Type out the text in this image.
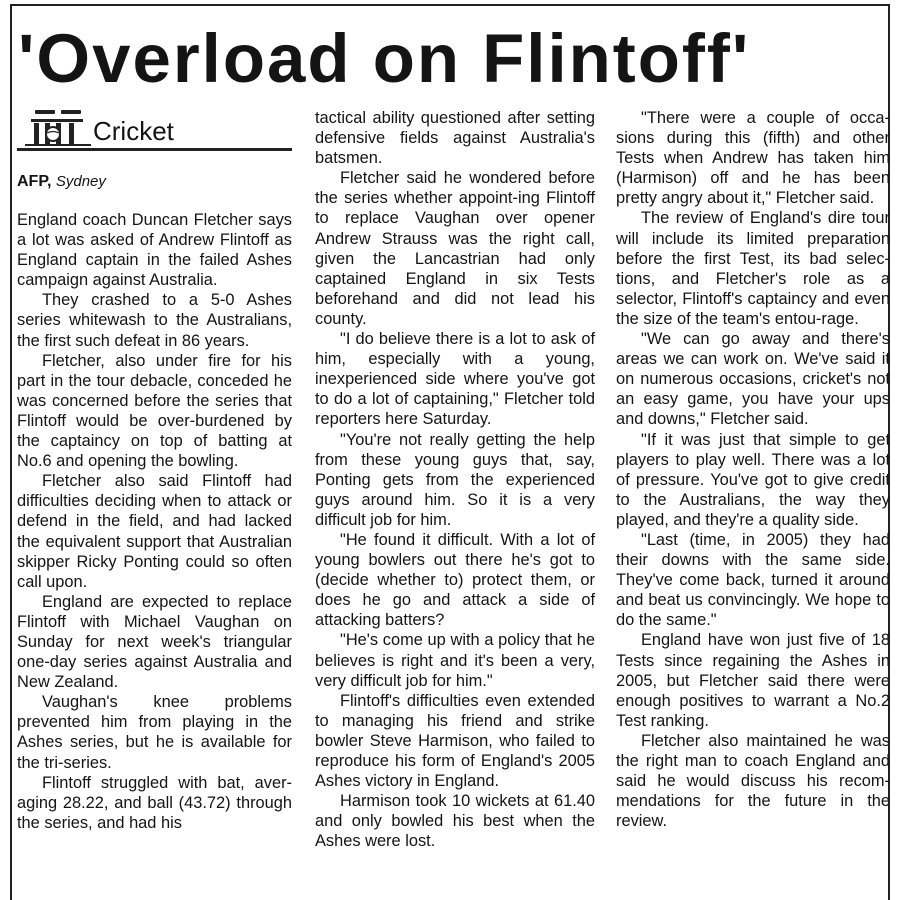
'Overload on Flintoff'
Cricket
AFP, Sydney

England coach Duncan Fletcher says a lot was asked of Andrew Flintoff as England captain in the failed Ashes campaign against Australia.

They crashed to a 5-0 Ashes series whitewash to the Australians, the first such defeat in 86 years.

Fletcher, also under fire for his part in the tour debacle, conceded he was concerned before the series that Flintoff would be over-burdened by the captaincy on top of batting at No.6 and opening the bowling.

Fletcher also said Flintoff had difficulties deciding when to attack or defend in the field, and had lacked the equivalent support that Australian skipper Ricky Ponting could so often call upon.

England are expected to replace Flintoff with Michael Vaughan on Sunday for next week's triangular one-day series against Australia and New Zealand.

Vaughan's knee problems prevented him from playing in the Ashes series, but he is available for the tri-series.

Flintoff struggled with bat, aver-aging 28.22, and ball (43.72) through the series, and had his

tactical ability questioned after setting defensive fields against Australia's batsmen.

Fletcher said he wondered before the series whether appoint-ing Flintoff to replace Vaughan over opener Andrew Strauss was the right call, given the Lancastrian had only captained England in six Tests beforehand and did not lead his county.

"I do believe there is a lot to ask of him, especially with a young, inexperienced side where you've got to do a lot of captaining," Fletcher told reporters here Saturday.

"You're not really getting the help from these young guys that, say, Ponting gets from the experienced guys around him. So it is a very difficult job for him.

"He found it difficult. With a lot of young bowlers out there he's got to (decide whether to) protect them, or does he go and attack a side of attacking batters?

"He's come up with a policy that he believes is right and it's been a very, very difficult job for him."

Flintoff's difficulties even extended to managing his friend and strike bowler Steve Harmison, who failed to reproduce his form of England's 2005 Ashes victory in England.

Harmison took 10 wickets at 61.40 and only bowled his best when the Ashes were lost.

"There were a couple of occa-sions during this (fifth) and other Tests when Andrew has taken him (Harmison) off and he has been pretty angry about it," Fletcher said.

The review of England's dire tour will include its limited preparation before the first Test, its bad selec-tions, and Fletcher's role as a selector, Flintoff's captaincy and even the size of the team's entou-rage.

"We can go away and there's areas we can work on. We've said it on numerous occasions, cricket's not an easy game, you have your ups and downs," Fletcher said.

"If it was just that simple to get players to play well. There was a lot of pressure. You've got to give credit to the Australians, the way they played, and they're a quality side.

"Last (time, in 2005) they had their downs with the same side. They've come back, turned it around and beat us convincingly. We hope to do the same."

England have won just five of 18 Tests since regaining the Ashes in 2005, but Fletcher said there were enough positives to warrant a No.2 Test ranking.

Fletcher also maintained he was the right man to coach England and said he would discuss his recom-mendations for the future in the review.
